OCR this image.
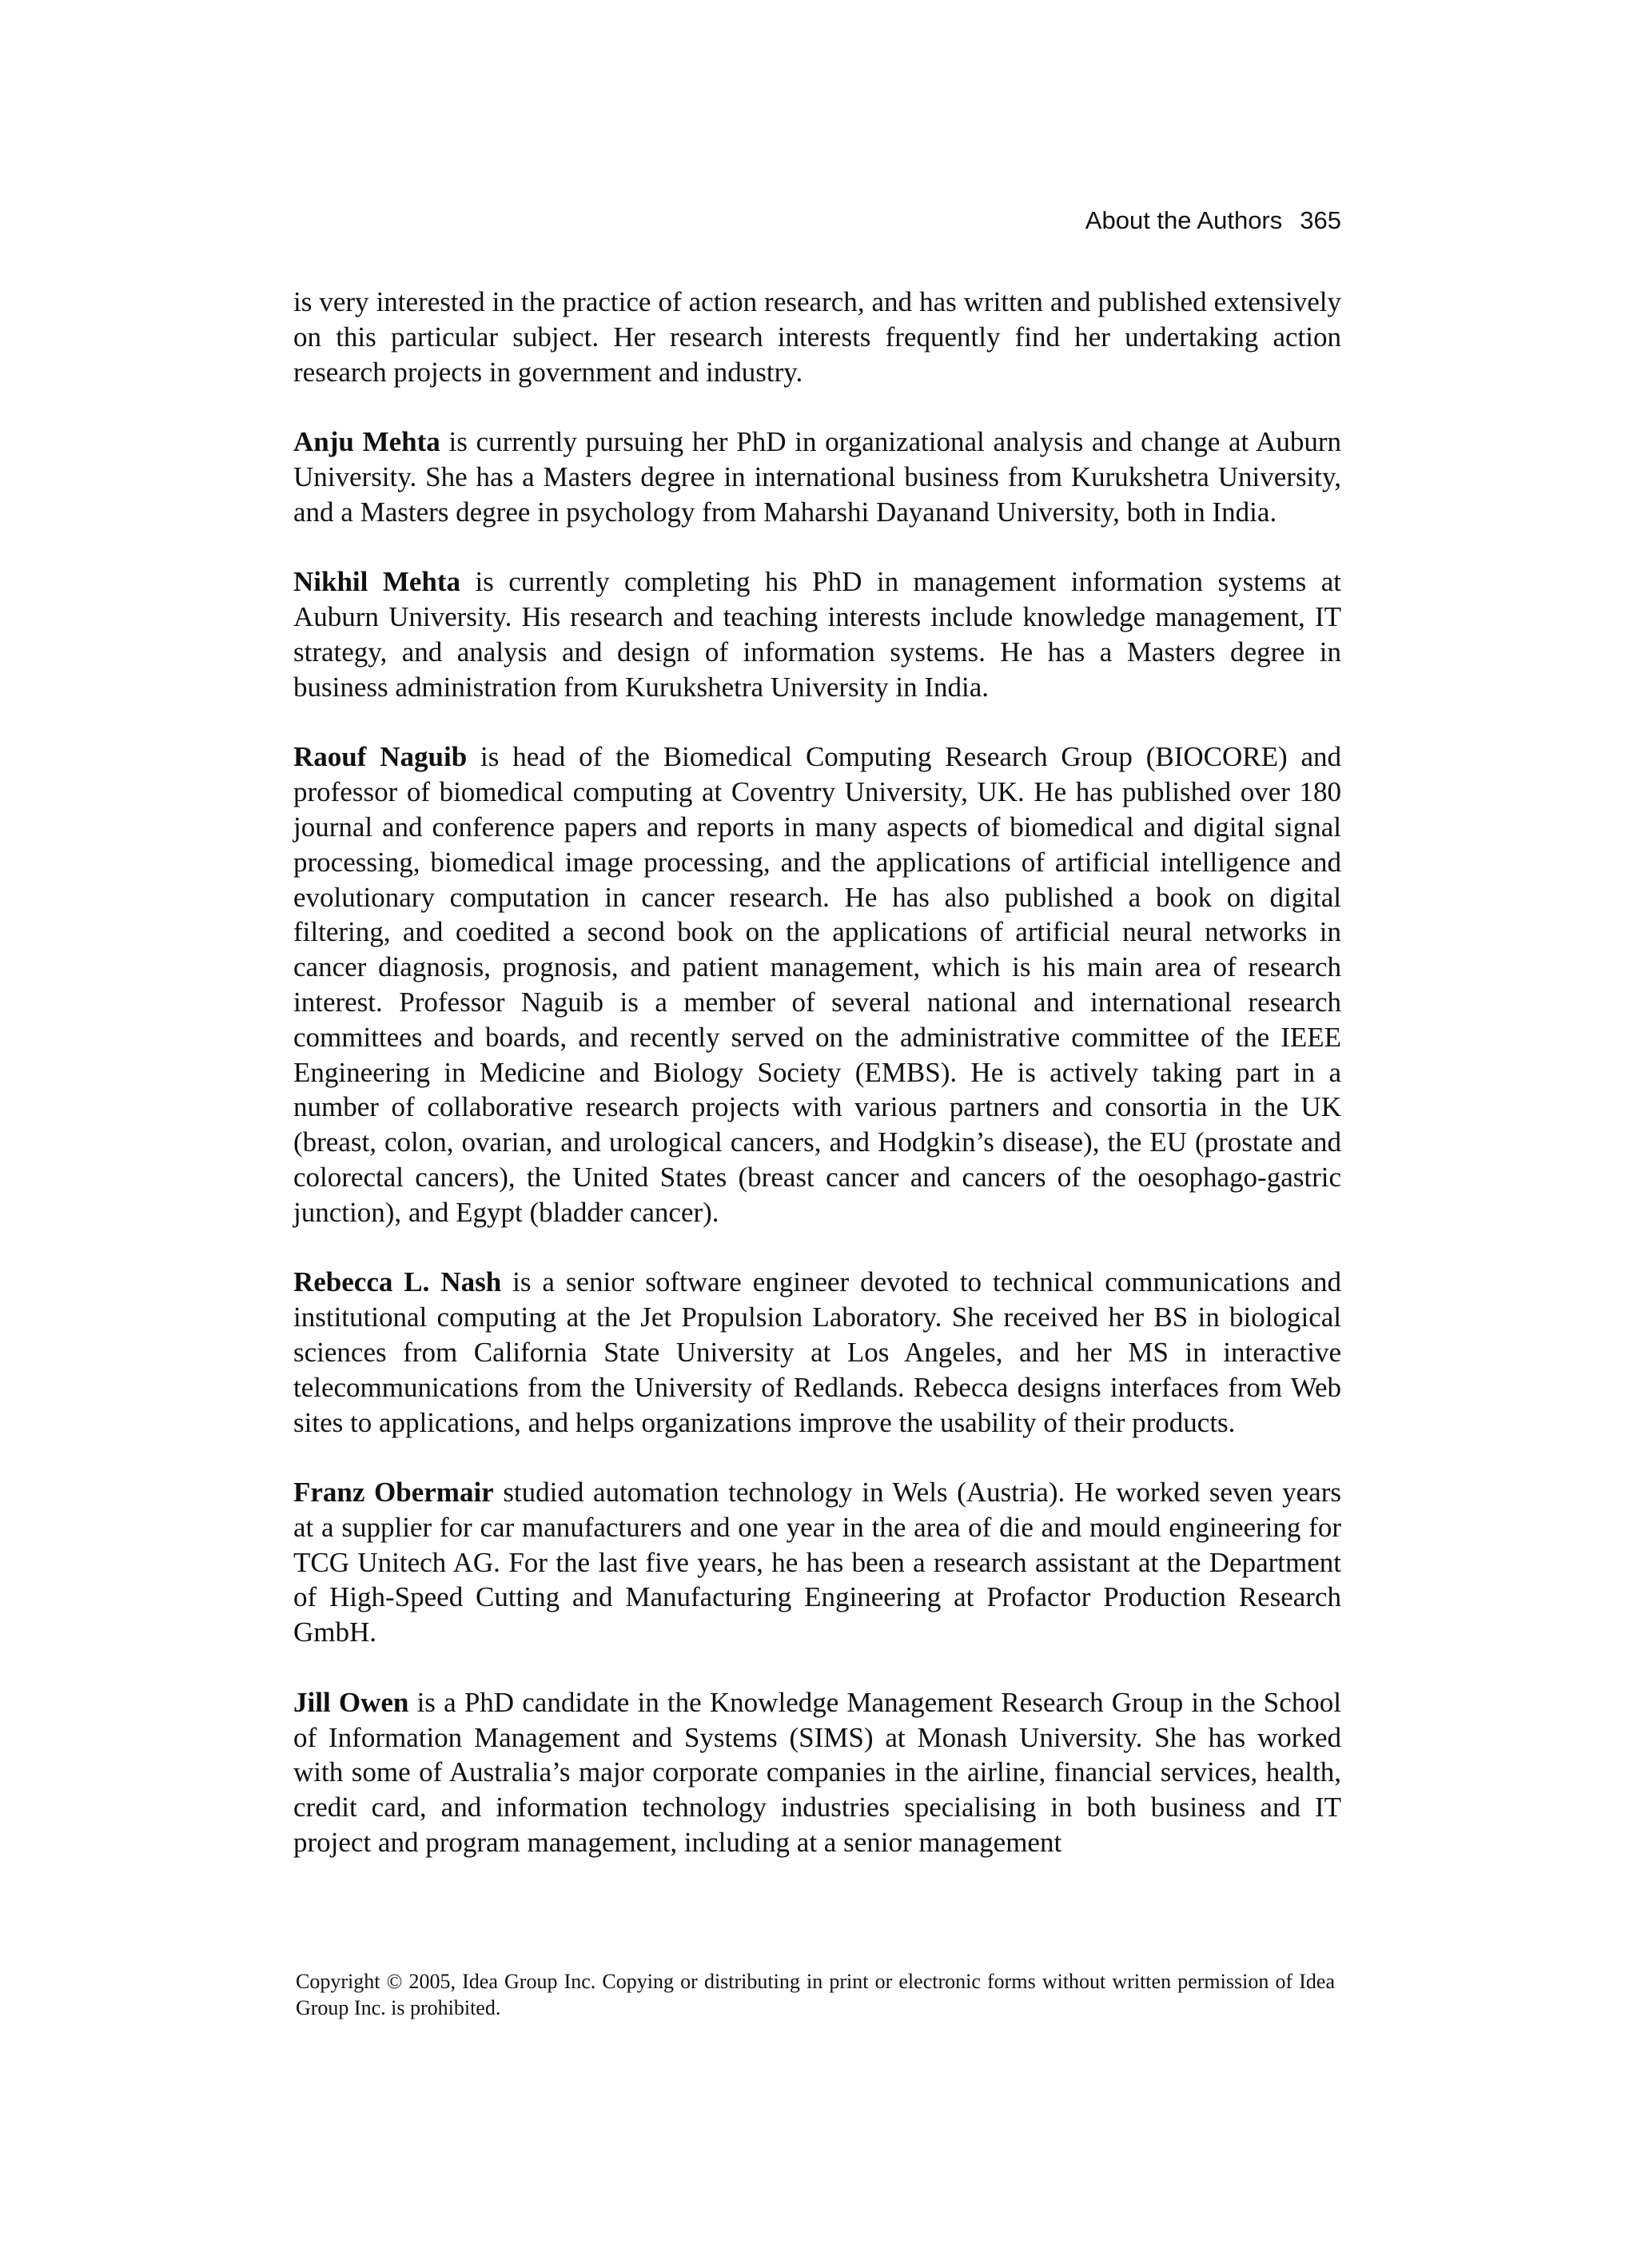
About the Authors 365

is very interested in the practice of action research, and has written and published extensively on this particular subject. Her research interests frequently find her undertaking action research projects in government and industry.

Anju Mehta is currently pursuing her PhD in organizational analysis and change at Auburn University. She has a Masters degree in international business from Kurukshetra University, and a Masters degree in psychology from Maharshi Dayanand University, both in India.

Nikhil Mehta is currently completing his PhD in management information systems at Auburn University. His research and teaching interests include knowledge management, IT strategy, and analysis and design of information systems. He has a Masters degree in business administration from Kurukshetra University in India.

Raouf Naguib is head of the Biomedical Computing Research Group (BIOCORE) and professor of biomedical computing at Coventry University, UK. He has published over 180 journal and conference papers and reports in many aspects of biomedical and digital signal processing, biomedical image processing, and the applications of artificial intelligence and evolutionary computation in cancer research. He has also published a book on digital filtering, and coedited a second book on the applications of artificial neural networks in cancer diagnosis, prognosis, and patient management, which is his main area of research interest. Professor Naguib is a member of several national and international research committees and boards, and recently served on the administrative committee of the IEEE Engineering in Medicine and Biology Society (EMBS). He is actively taking part in a number of collaborative research projects with various partners and consortia in the UK (breast, colon, ovarian, and urological cancers, and Hodgkin’s disease), the EU (prostate and colorectal cancers), the United States (breast cancer and cancers of the oesophago-gastric junction), and Egypt (bladder cancer).

Rebecca L. Nash is a senior software engineer devoted to technical communications and institutional computing at the Jet Propulsion Laboratory. She received her BS in biological sciences from California State University at Los Angeles, and her MS in interactive telecommunications from the University of Redlands. Rebecca designs interfaces from Web sites to applications, and helps organizations improve the usability of their products.

Franz Obermair studied automation technology in Wels (Austria). He worked seven years at a supplier for car manufacturers and one year in the area of die and mould engineering for TCG Unitech AG. For the last five years, he has been a research assistant at the Department of High-Speed Cutting and Manufacturing Engineering at Profactor Production Research GmbH.

Jill Owen is a PhD candidate in the Knowledge Management Research Group in the School of Information Management and Systems (SIMS) at Monash University. She has worked with some of Australia’s major corporate companies in the airline, financial services, health, credit card, and information technology industries specialising in both business and IT project and program management, including at a senior management

Copyright © 2005, Idea Group Inc. Copying or distributing in print or electronic forms without written permission of Idea Group Inc. is prohibited.
